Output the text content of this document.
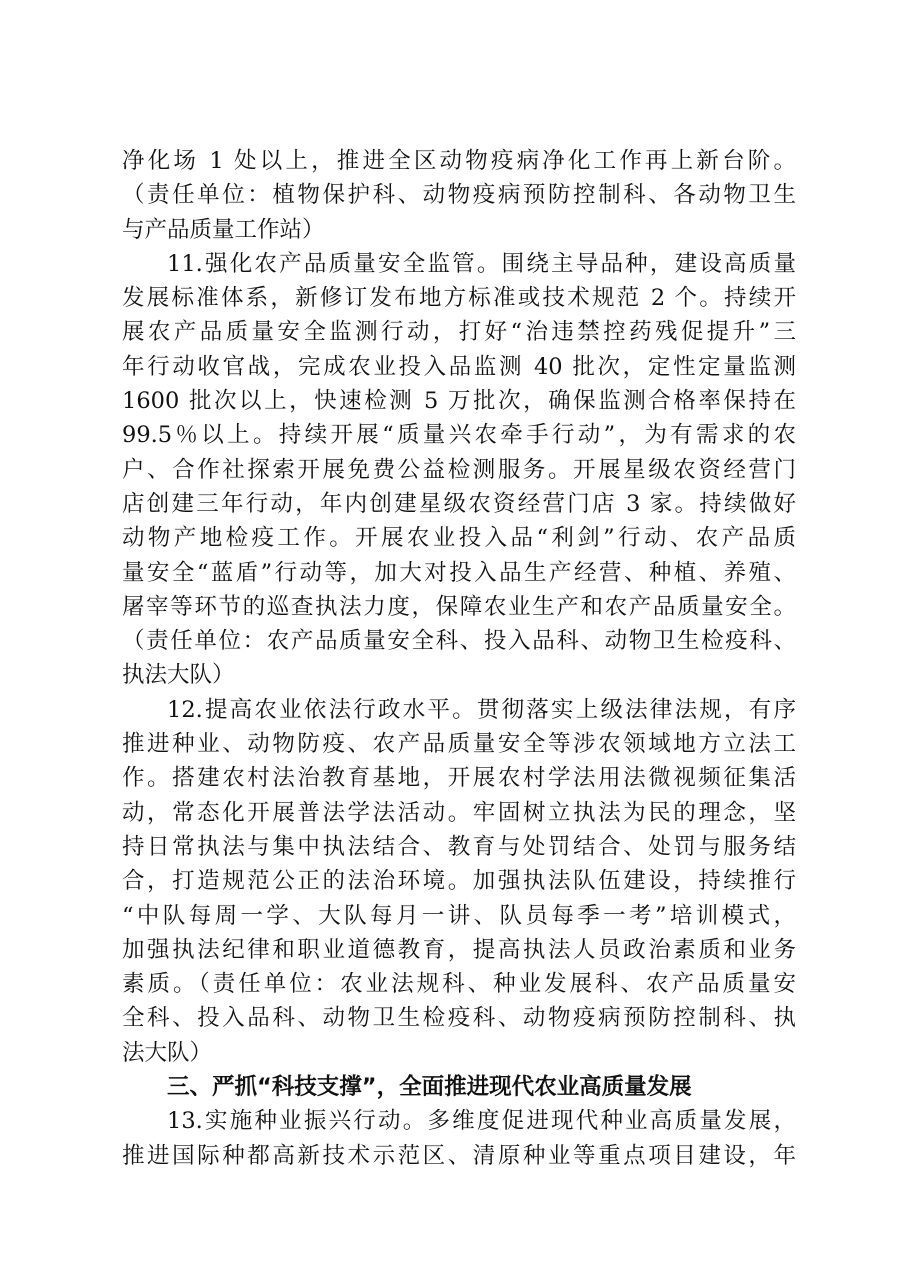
净化场 1 处以上，推进全区动物疫病净化工作再上新台阶。

（责任单位：植物保护科、动物疫病预防控制科、各动物卫生

与产品质量工作站）

11.强化农产品质量安全监管。围绕主导品种，建设高质量

发展标准体系，新修订发布地方标准或技术规范 2 个。持续开

展农产品质量安全监测行动，打好“治违禁控药残促提升”三

年行动收官战，完成农业投入品监测 40 批次，定性定量监测

1600 批次以上，快速检测 5 万批次，确保监测合格率保持在

99.5％以上。持续开展“质量兴农牵手行动”，为有需求的农

户、合作社探索开展免费公益检测服务。开展星级农资经营门

店创建三年行动，年内创建星级农资经营门店 3 家。持续做好

动物产地检疫工作。开展农业投入品“利剑”行动、农产品质

量安全“蓝盾”行动等，加大对投入品生产经营、种植、养殖、

屠宰等环节的巡查执法力度，保障农业生产和农产品质量安全。

（责任单位：农产品质量安全科、投入品科、动物卫生检疫科、

执法大队）

12.提高农业依法行政水平。贯彻落实上级法律法规，有序

推进种业、动物防疫、农产品质量安全等涉农领域地方立法工

作。搭建农村法治教育基地，开展农村学法用法微视频征集活

动，常态化开展普法学法活动。牢固树立执法为民的理念，坚

持日常执法与集中执法结合、教育与处罚结合、处罚与服务结

合，打造规范公正的法治环境。加强执法队伍建设，持续推行

“中队每周一学、大队每月一讲、队员每季一考”培训模式，

加强执法纪律和职业道德教育，提高执法人员政治素质和业务

素质。（责任单位：农业法规科、种业发展科、农产品质量安

全科、投入品科、动物卫生检疫科、动物疫病预防控制科、执

法大队）

三、严抓“科技支撑”，全面推进现代农业高质量发展

13.实施种业振兴行动。多维度促进现代种业高质量发展，

推进国际种都高新技术示范区、清原种业等重点项目建设，年
